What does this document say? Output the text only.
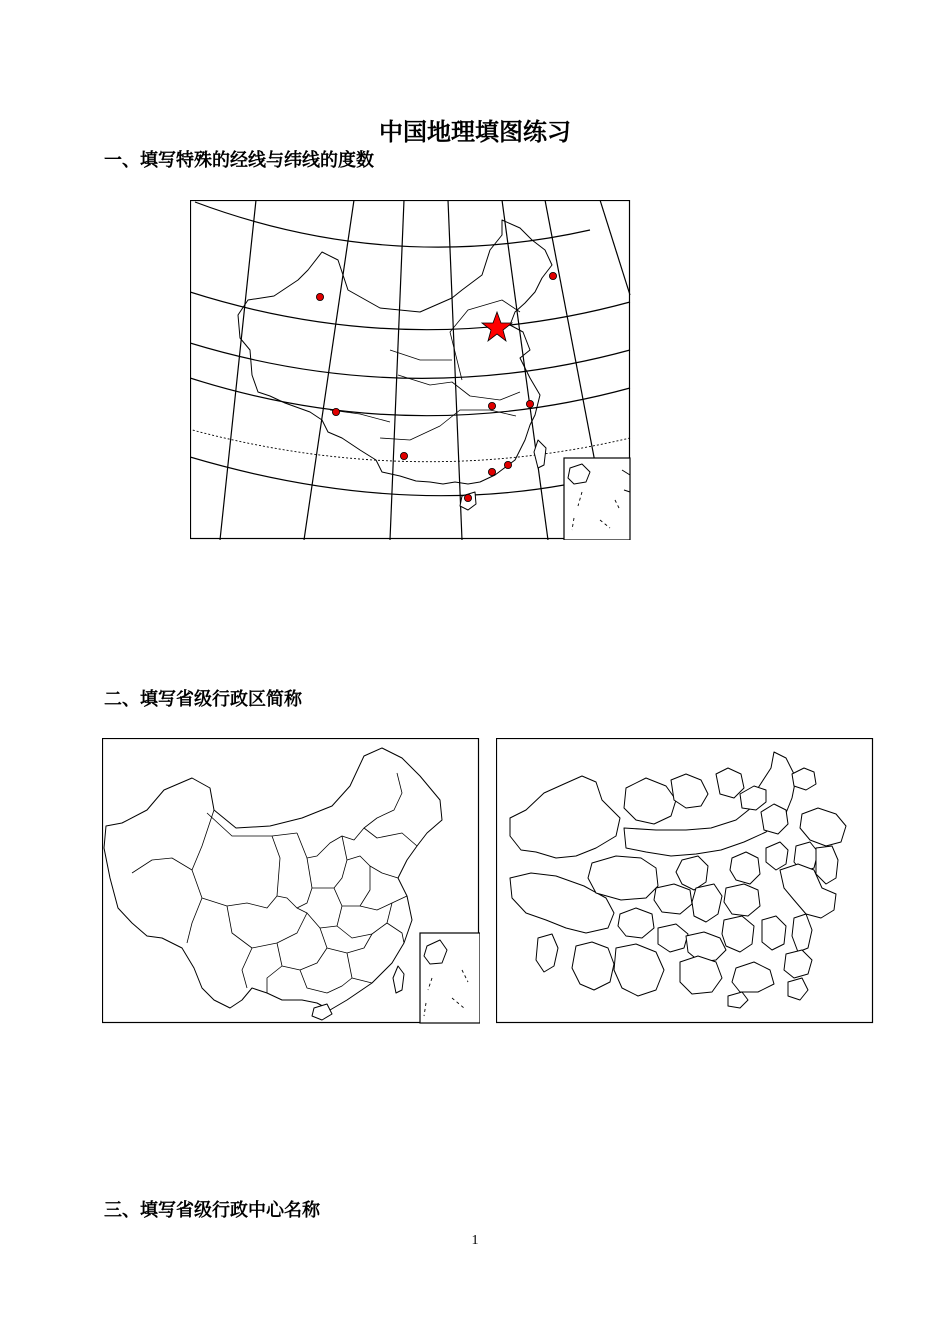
中国地理填图练习
一、填写特殊的经线与纬线的度数
二、填写省级行政区简称
三、填写省级行政中心名称
1
